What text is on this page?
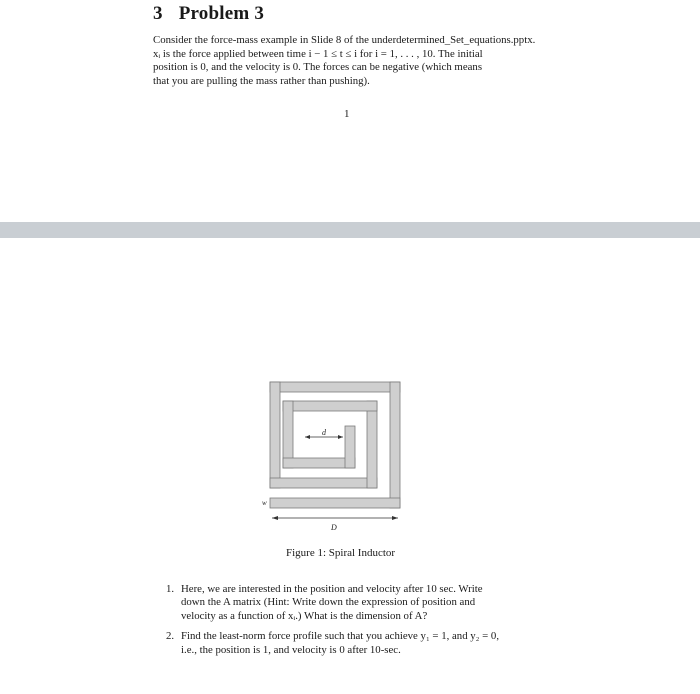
3 Problem 3
Consider the force-mass example in Slide 8 of the underdetermined_Set_equations.pptx.
xᵢ is the force applied between time i − 1 ≤ t ≤ i for i = 1, . . . , 10. The initial
position is 0, and the velocity is 0. The forces can be negative (which means
that you are pulling the mass rather than pushing).
1
d
w
D
Figure 1: Spiral Inductor
1. Here, we are interested in the position and velocity after 10 sec. Write
down the A matrix (Hint: Write down the expression of position and
velocity as a function of xᵢ.) What is the dimension of A?
2. Find the least-norm force profile such that you achieve y₁ = 1, and y₂ = 0,
i.e., the position is 1, and velocity is 0 after 10-sec.
